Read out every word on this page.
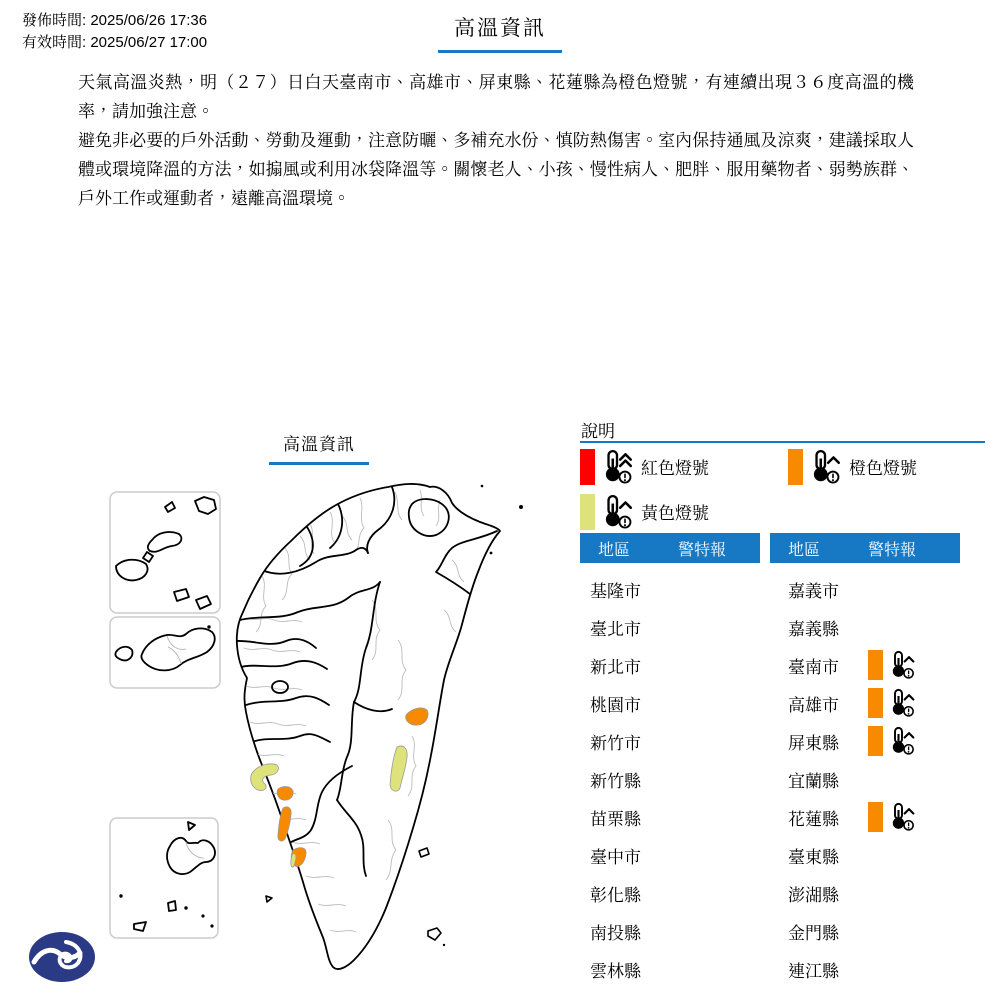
發佈時間: 2025/06/26 17:36
有效時間: 2025/06/27 17:00
高溫資訊

天氣高溫炎熱，明（２７）日白天臺南市、高雄市、屏東縣、花蓮縣為橙色燈號，有連續出現３６度高溫的機率，請加強注意。

避免非必要的戶外活動、勞動及運動，注意防曬、多補充水份、慎防熱傷害。室內保持通風及涼爽，建議採取人體或環境降溫的方法，如搧風或利用冰袋降溫等。關懷老人、小孩、慢性病人、肥胖、服用藥物者、弱勢族群、戶外工作或運動者，遠離高溫環境。

高溫資訊
說明
紅色燈號	橙色燈號
黃色燈號
地區	警特報
基隆市
臺北市
新北市
桃園市
新竹市
新竹縣
苗栗縣
臺中市
彰化縣
南投縣
雲林縣
地區	警特報
嘉義市
嘉義縣
臺南市
高雄市
屏東縣
宜蘭縣
花蓮縣
臺東縣
澎湖縣
金門縣
連江縣
